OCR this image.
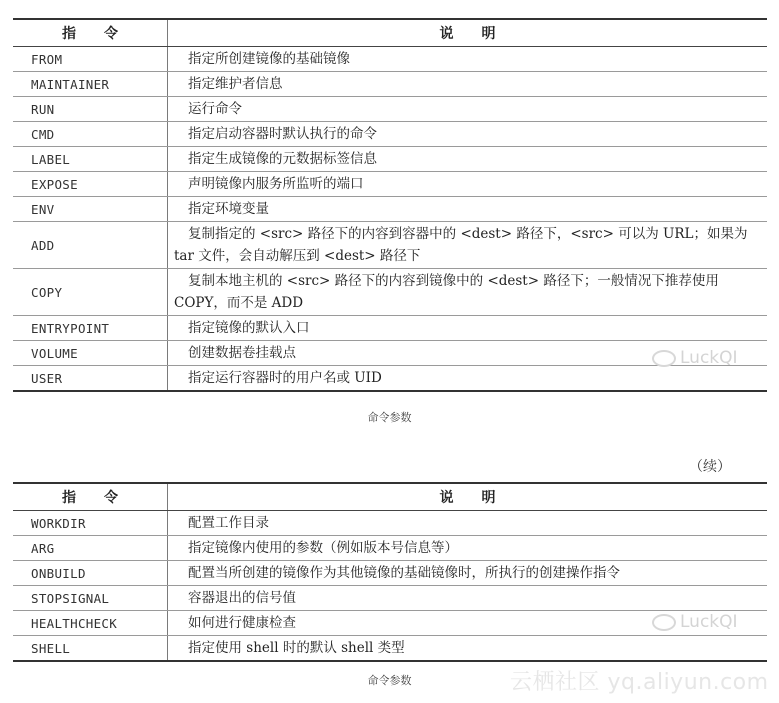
指　　令	说　　明
FROM	指定所创建镜像的基础镜像
MAINTAINER	指定维护者信息
RUN	运行命令
CMD	指定启动容器时默认执行的命令
LABEL	指定生成镜像的元数据标签信息
EXPOSE	声明镜像内服务所监听的端口
ENV	指定环境变量
ADD	复制指定的 <src> 路径下的内容到容器中的 <dest> 路径下，<src> 可以为 URL；如果为 tar 文件，会自动解压到 <dest> 路径下
COPY	复制本地主机的 <src> 路径下的内容到镜像中的 <dest> 路径下；一般情况下推荐使用 COPY，而不是 ADD
ENTRYPOINT	指定镜像的默认入口
VOLUME	创建数据卷挂载点
USER	指定运行容器时的用户名或 UID
LuckQI
命令参数
（续）
指　　令	说　　明
WORKDIR	配置工作目录
ARG	指定镜像内使用的参数（例如版本号信息等）
ONBUILD	配置当所创建的镜像作为其他镜像的基础镜像时，所执行的创建操作指令
STOPSIGNAL	容器退出的信号值
HEALTHCHECK	如何进行健康检查
SHELL	指定使用 shell 时的默认 shell 类型
LuckQI
命令参数	云栖社区 yq.aliyun.com
